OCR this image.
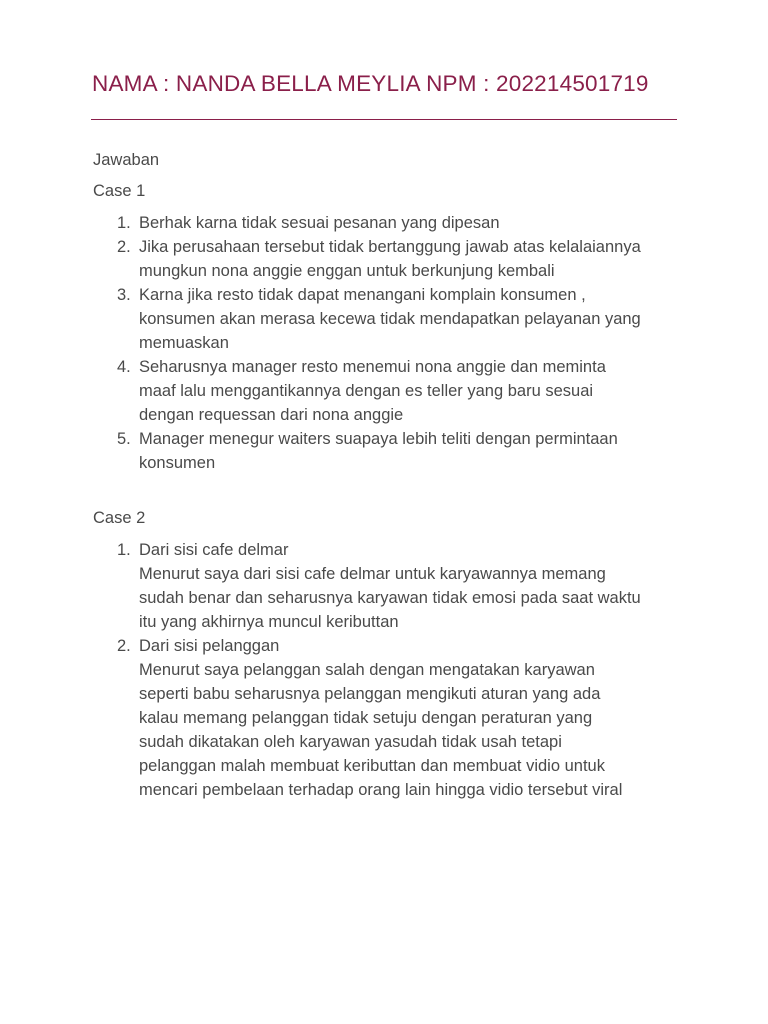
NAMA : NANDA BELLA MEYLIA NPM : 202214501719
Jawaban
Case 1
1. Berhak karna tidak sesuai pesanan yang dipesan
2. Jika perusahaan tersebut tidak bertanggung jawab atas kelalaiannya
mungkun nona anggie enggan untuk berkunjung kembali
3. Karna jika resto tidak dapat menangani komplain konsumen ,
konsumen akan merasa kecewa tidak mendapatkan pelayanan yang
memuaskan
4. Seharusnya manager resto menemui nona anggie dan meminta
maaf lalu menggantikannya dengan es teller yang baru sesuai
dengan requessan dari nona anggie
5. Manager menegur waiters suapaya lebih teliti dengan permintaan
konsumen
Case 2
1. Dari sisi cafe delmar
Menurut saya dari sisi cafe delmar untuk karyawannya memang
sudah benar dan seharusnya karyawan tidak emosi pada saat waktu
itu yang akhirnya muncul keributtan
2. Dari sisi pelanggan
Menurut saya pelanggan salah dengan mengatakan karyawan
seperti babu seharusnya pelanggan mengikuti aturan yang ada
kalau memang pelanggan tidak setuju dengan peraturan yang
sudah dikatakan oleh karyawan yasudah tidak usah tetapi
pelanggan malah membuat keributtan dan membuat vidio untuk
mencari pembelaan terhadap orang lain hingga vidio tersebut viral
